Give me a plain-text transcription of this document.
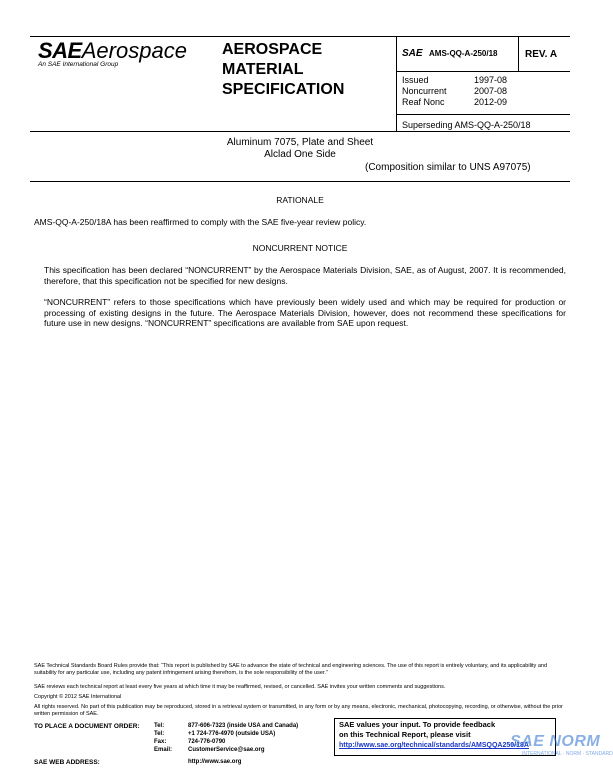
SAEAerospace
An SAE International Group
AEROSPACE
MATERIAL
SPECIFICATION
SAE AMS-QQ-A-250/18	REV. A
Issued	1997-08
Noncurrent	2007-08
Reaf Nonc	2012-09
Superseding AMS-QQ-A-250/18
Aluminum 7075, Plate and Sheet
Alclad One Side
(Composition similar to UNS A97075)
RATIONALE
AMS-QQ-A-250/18A has been reaffirmed to comply with the SAE five-year review policy.
NONCURRENT NOTICE
This specification has been declared “NONCURRENT” by the Aerospace Materials Division, SAE, as of August, 2007. It is recommended, therefore, that this specification not be specified for new designs.
“NONCURRENT” refers to those specifications which have previously been widely used and which may be required for production or processing of existing designs in the future. The Aerospace Materials Division, however, does not recommend these specifications for future use in new designs. “NONCURRENT” specifications are available from SAE upon request.
SAE Technical Standards Board Rules provide that: “This report is published by SAE to advance the state of technical and engineering sciences. The use of this report is entirely voluntary, and its applicability and suitability for any particular use, including any patent infringement arising therefrom, is the sole responsibility of the user.”
SAE reviews each technical report at least every five years at which time it may be reaffirmed, revised, or cancelled. SAE invites your written comments and suggestions.
Copyright © 2012 SAE International
All rights reserved. No part of this publication may be reproduced, stored in a retrieval system or transmitted, in any form or by any means, electronic, mechanical, photocopying, recording, or otherwise, without the prior written permission of SAE.
TO PLACE A DOCUMENT ORDER: Tel:	877-606-7323 (inside USA and Canada)
Tel:	+1 724-776-4970 (outside USA)
Fax:	724-776-0790
Email:	CustomerService@sae.org
SAE WEB ADDRESS:	http://www.sae.org
SAE values your input. To provide feedback
on this Technical Report, please visit
http://www.sae.org/technical/standards/AMSQQA250/18A
SAE NORM
INTERNATIONAL · NORM · STANDARD
